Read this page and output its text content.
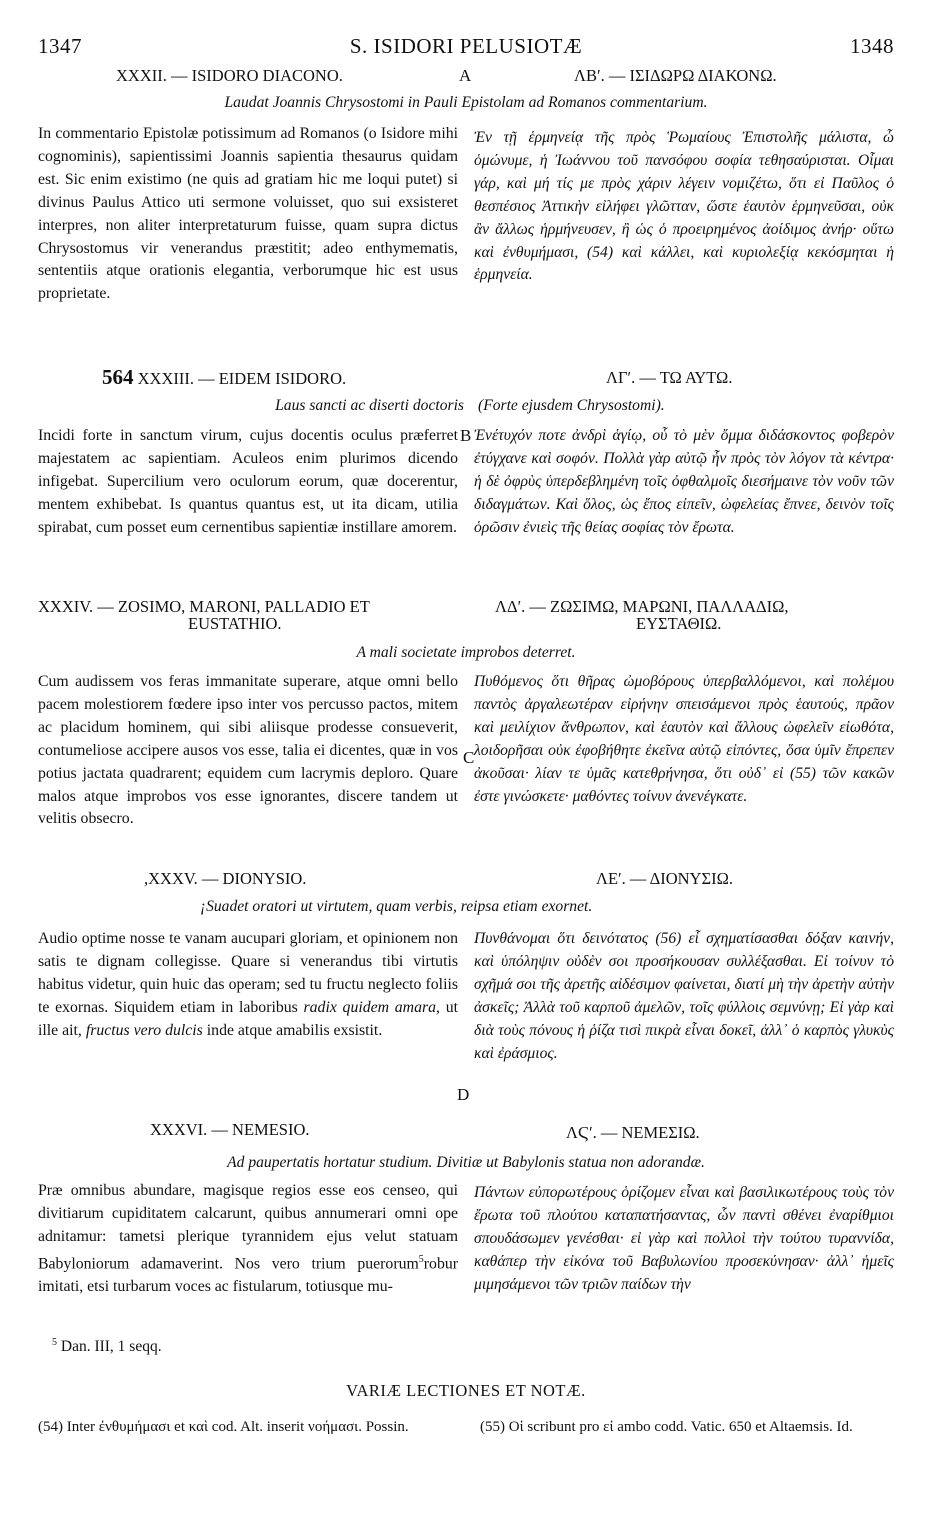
1347	S. ISIDORI PELUSIOTÆ	1348
XXXII. — ISIDORO DIACONO.	A	ΛΒʹ. — ΙΣΙΔΩΡΩ ΔΙΑΚΟΝΩ.
Laudat Joannis Chrysostomi in Pauli Epistolam ad Romanos commentarium.
In commentario Epistolæ potissimum ad Romanos (o Isidore mihi cognominis), sapientissimi Joannis sapientia thesaurus quidam est. Sic enim existimo (ne quis ad gratiam hic me loqui putet) si divinus Paulus Attico uti sermone voluisset, quo sui exsisteret interpres, non aliter interpretaturum fuisse, quam supra dictus Chrysostomus vir venerandus præstitit; adeo enthymematis, sententiis atque orationis elegantia, verborumque hic est usus proprietate.
Ἐν τῇ ἑρμηνείᾳ τῆς πρὸς Ῥωμαίους Ἐπιστολῆς μάλιστα, ὦ ὁμώνυμε, ἡ Ἰωάννου τοῦ πανσόφου σοφία τεθησαύρισται. Οἶμαι γάρ, καὶ μή τίς με πρὸς χάριν λέγειν νομιζέτω, ὅτι εἰ Παῦλος ὁ θεσπέσιος Ἀττικὴν εἰλήφει γλῶτταν, ὥστε ἑαυτὸν ἑρμηνεῦσαι, οὐκ ἂν ἄλλως ἡρμήνευσεν, ἢ ὡς ὁ προειρημένος ἀοίδιμος ἀνήρ· οὕτω καὶ ἐνθυμήμασι, (54) καὶ κάλλει, καὶ κυριολεξίᾳ κεκόσμηται ἡ ἑρμηνεία.
564 XXXIII. — EIDEM ISIDORO.	ΛΓʹ. — ΤΩ ΑΥΤΩ.
Laus sancti ac diserti doctoris (Forte ejusdem Chrysostomi).
B
Incidi forte in sanctum virum, cujus docentis oculus præferret majestatem ac sapientiam. Aculeos enim plurimos dicendo infigebat. Supercilium vero oculorum eorum, quæ docerentur, mentem exhibebat. Is quantus quantus est, ut ita dicam, utilia spirabat, cum posset eum cernentibus sapientiæ instillare amorem.
Ἐνέτυχόν ποτε ἀνδρὶ ἁγίῳ, οὗ τὸ μὲν ὄμμα διδάσκοντος φοβερὸν ἐτύγχανε καὶ σοφόν. Πολλὰ γὰρ αὐτῷ ἦν πρὸς τὸν λόγον τὰ κέντρα· ἡ δὲ ὀφρὺς ὑπερδεβλημένη τοῖς ὀφθαλμοῖς διεσήμαινε τὸν νοῦν τῶν διδαγμάτων. Καὶ ὅλος, ὡς ἔπος εἰπεῖν, ὠφελείας ἔπνεε, δεινὸν τοῖς ὁρῶσιν ἐνιεὶς τῆς θείας σοφίας τὸν ἔρωτα.
XXXIV. — ZOSIMO, MARONI, PALLADIO ET
EUSTATHIO.
ΛΔʹ. — ΖΩΣΙΜΩ, ΜΑΡΩΝΙ, ΠΑΛΛΑΔΙΩ,
ΕΥΣΤΑΘΙΩ.
A mali societate improbos deterret.
Cum audissem vos feras immanitate superare, atque omni bello pacem molestiorem fœdere ipso inter vos percusso pactos, mitem ac placidum hominem, qui sibi aliisque prodesse consueverit, contumeliose accipere ausos vos esse, talia ei dicentes, quæ in vos potius jactata quadrarent; equidem cum lacrymis deploro. Quare malos atque improbos vos esse ignorantes, discere tandem ut velitis obsecro.
C
Πυθόμενος ὅτι θῆρας ὠμοβόρους ὑπερβαλλόμενοι, καὶ πολέμου παντὸς ἀργαλεωτέραν εἰρήνην σπεισάμενοι πρὸς ἑαυτούς, πρᾶον καὶ μειλίχιον ἄνθρωπον, καὶ ἑαυτὸν καὶ ἄλλους ὠφελεῖν εἰωθότα, λοιδορῆσαι οὐκ ἐφοβήθητε ἐκεῖνα αὐτῷ εἰπόντες, ὅσα ὑμῖν ἔπρεπεν ἀκοῦσαι· λίαν τε ὑμᾶς κατεθρήνησα, ὅτι οὐδ᾽ εἰ (55) τῶν κακῶν ἐστε γινώσκετε· μαθόντες τοίνυν ἀνενέγκατε.
,XXXV. — DIONYSIO.	ΛΕʹ. — ΔΙΟΝΥΣΙΩ.
¡Suadet oratori ut virtutem, quam verbis, reipsa etiam exornet.
Audio optime nosse te vanam aucupari gloriam, et opinionem non satis te dignam collegisse. Quare si venerandus tibi virtutis habitus videtur, quin huic das operam; sed tu fructu neglecto foliis te exornas. Siquidem etiam in laboribus radix quidem amara, ut ille ait, fructus vero dulcis inde atque amabilis exsistit.
D
Πυνθάνομαι ὅτι δεινότατος (56) εἶ σχηματίσασθαι δόξαν καινήν, καὶ ὑπόληψιν οὐδὲν σοι προσήκουσαν συλλέξασθαι. Εἰ τοίνυν τὸ σχῆμά σοι τῆς ἀρετῆς αἰδέσιμον φαίνεται, διατί μὴ τὴν ἀρετὴν αὐτὴν ἀσκεῖς; Ἀλλὰ τοῦ καρποῦ ἀμελῶν, τοῖς φύλλοις σεμνύνῃ; Εἰ γὰρ καὶ διὰ τοὺς πόνους ἡ ῥίζα τισὶ πικρὰ εἶναι δοκεῖ, ἀλλ᾽ ὁ καρπὸς γλυκὺς καὶ ἐράσμιος.
XXXVI. — NEMESIO.	ΛϚʹ. — ΝΕΜΕΣΙΩ.
Ad paupertatis hortatur studium. Divitiæ ut Babylonis statua non adorandæ.
Præ omnibus abundare, magisque regios esse eos censeo, qui divitiarum cupiditatem calcarunt, quibus annumerari omni ope adnitamur: tametsi plerique tyrannidem ejus velut statuam Babyloniorum adamaverint. Nos vero trium puerorum$^5$robur imitati, etsi turbarum voces ac fistularum, totiusque mu-
Πάντων εὐπορωτέρους ὁρίζομεν εἶναι καὶ βασιλικωτέρους τοὺς τὸν ἔρωτα τοῦ πλούτου καταπατήσαντας, ὧν παντὶ σθένει ἐναρίθμιοι σπουδάσωμεν γενέσθαι· εἰ γὰρ καὶ πολλοὶ τὴν τούτου τυραννίδα, καθάπερ τὴν εἰκόνα τοῦ Βαβυλωνίου προσεκύνησαν· ἀλλ᾽ ἡμεῖς μιμησάμενοι τῶν τριῶν παίδων τὴν
$^5$ Dan. III, 1 seqq.
VARIÆ LECTIONES ET NOTÆ.
(54) Inter ἐνθυμήμασι et καὶ cod. Alt. inserit νοήμασι. Possin.	(55) Οἱ scribunt pro εἰ ambo codd. Vatic. 650 et Altaemsis. Id.
